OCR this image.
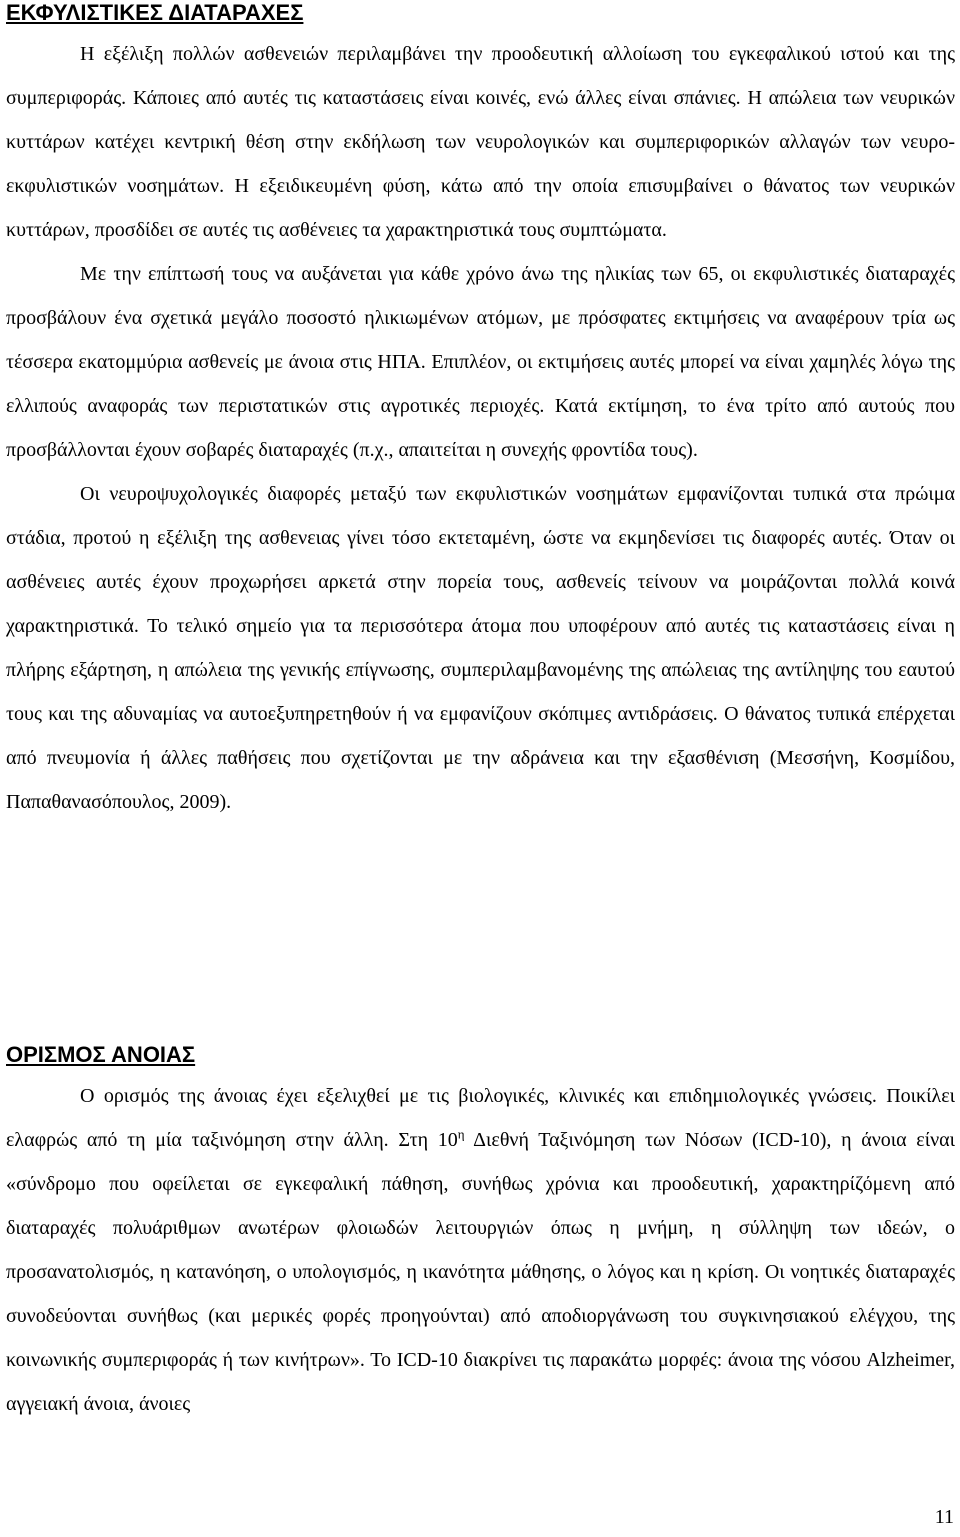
ΕΚΦΥΛΙΣΤΙΚΕΣ ΔΙΑΤΑΡΑΧΕΣ

Η εξέλιξη πολλών ασθενειών περιλαμβάνει την προοδευτική αλλοίωση του εγκεφαλικού ιστού και της συμπεριφοράς. Κάποιες από αυτές τις καταστάσεις είναι κοινές, ενώ άλλες είναι σπάνιες. Η απώλεια των νευρικών κυττάρων κατέχει κεντρική θέση στην εκδήλωση των νευρολογικών και συμπεριφορικών αλλαγών των νευρο-εκφυλιστικών νοσημάτων. Η εξειδικευμένη φύση, κάτω από την οποία επισυμβαίνει ο θάνατος των νευρικών κυττάρων, προσδίδει σε αυτές τις ασθένειες τα χαρακτηριστικά τους συμπτώματα.

Με την επίπτωσή τους να αυξάνεται για κάθε χρόνο άνω της ηλικίας των 65, οι εκφυλιστικές διαταραχές προσβάλουν ένα σχετικά μεγάλο ποσοστό ηλικιωμένων ατόμων, με πρόσφατες εκτιμήσεις να αναφέρουν τρία ως τέσσερα εκατομμύρια ασθενείς με άνοια στις ΗΠΑ. Επιπλέον, οι εκτιμήσεις αυτές μπορεί να είναι χαμηλές λόγω της ελλιπούς αναφοράς των περιστατικών στις αγροτικές περιοχές. Κατά εκτίμηση, το ένα τρίτο από αυτούς που προσβάλλονται έχουν σοβαρές διαταραχές (π.χ., απαιτείται η συνεχής φροντίδα τους).

Οι νευροψυχολογικές διαφορές μεταξύ των εκφυλιστικών νοσημάτων εμφανίζονται τυπικά στα πρώιμα στάδια, προτού η εξέλιξη της ασθενειας γίνει τόσο εκτεταμένη, ώστε να εκμηδενίσει τις διαφορές αυτές. Όταν οι ασθένειες αυτές έχουν προχωρήσει αρκετά στην πορεία τους, ασθενείς τείνουν να μοιράζονται πολλά κοινά χαρακτηριστικά. Το τελικό σημείο για τα περισσότερα άτομα που υποφέρουν από αυτές τις καταστάσεις είναι η πλήρης εξάρτηση, η απώλεια της γενικής επίγνωσης, συμπεριλαμβανομένης της απώλειας της αντίληψης του εαυτού τους και της αδυναμίας να αυτοεξυπηρετηθούν ή να εμφανίζουν σκόπιμες αντιδράσεις. Ο θάνατος τυπικά επέρχεται από πνευμονία ή άλλες παθήσεις που σχετίζονται με την αδράνεια και την εξασθένιση (Μεσσήνη, Κοσμίδου, Παπαθανασόπουλος, 2009).

ΟΡΙΣΜΟΣ ΑΝΟΙΑΣ

Ο ορισμός της άνοιας έχει εξελιχθεί με τις βιολογικές, κλινικές και επιδημιολογικές γνώσεις. Ποικίλει ελαφρώς από τη μία ταξινόμηση στην άλλη. Στη $10^\eta$ Διεθνή Ταξινόμηση των Νόσων (ICD-10), η άνοια είναι «σύνδρομο που οφείλεται σε εγκεφαλική πάθηση, συνήθως χρόνια και προοδευτική, χαρακτηρίζόμενη από διαταραχές πολυάριθμων ανωτέρων φλοιωδών λειτουργιών όπως η μνήμη, η σύλληψη των ιδεών, ο προσανατολισμός, η κατανόηση, ο υπολογισμός, η ικανότητα μάθησης, ο λόγος και η κρίση. Οι νοητικές διαταραχές συνοδεύονται συνήθως (και μερικές φορές προηγούνται) από αποδιοργάνωση του συγκινησιακού ελέγχου, της κοινωνικής συμπεριφοράς ή των κινήτρων». Το ICD-10 διακρίνει τις παρακάτω μορφές: άνοια της νόσου Alzheimer, αγγειακή άνοια, άνοιες

11
